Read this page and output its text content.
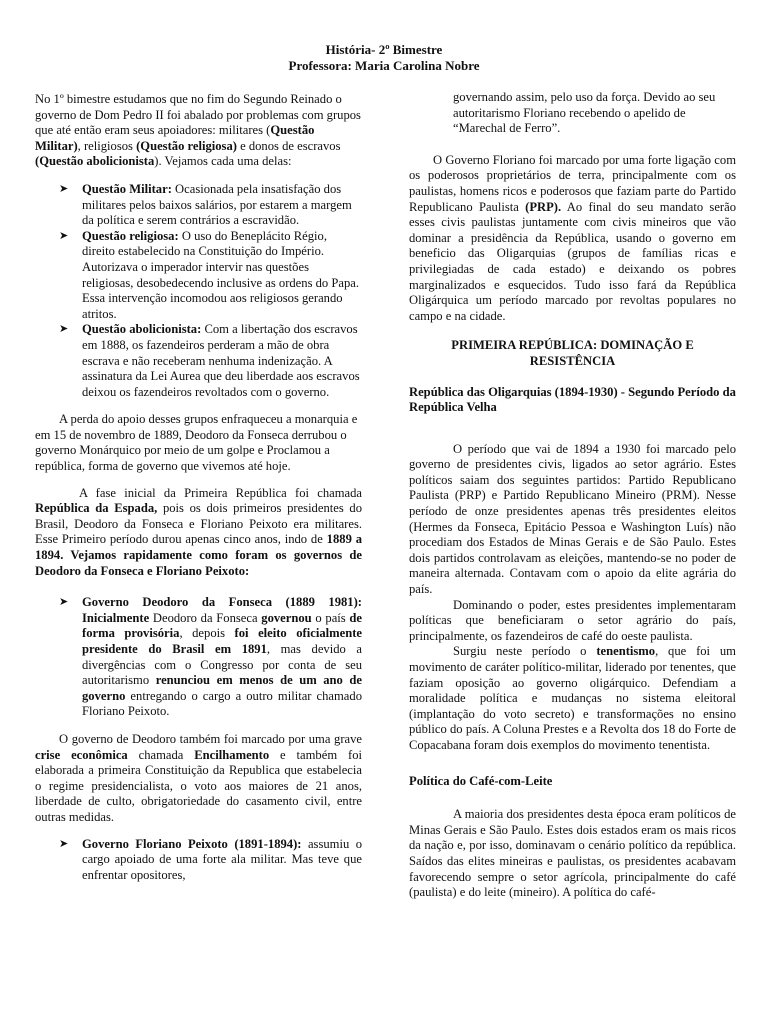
História- 2º Bimestre
Professora: Maria Carolina Nobre

No 1º bimestre estudamos que no fim do Segundo Reinado o governo de Dom Pedro II foi abalado por problemas com grupos que até então eram seus apoiadores: militares (Questão Militar), religiosos (Questão religiosa) e donos de escravos (Questão abolicionista). Vejamos cada uma delas:

➤ Questão Militar: Ocasionada pela insatisfação dos militares pelos baixos salários, por estarem a margem da política e serem contrários a escravidão.
➤ Questão religiosa: O uso do Beneplácito Régio, direito estabelecido na Constituição do Império. Autorizava o imperador intervir nas questões religiosas, desobedecendo inclusive as ordens do Papa. Essa intervenção incomodou aos religiosos gerando atritos.
➤ Questão abolicionista: Com a libertação dos escravos em 1888, os fazendeiros perderam a mão de obra escrava e não receberam nenhuma indenização. A assinatura da Lei Aurea que deu liberdade aos escravos deixou os fazendeiros revoltados com o governo.

A perda do apoio desses grupos enfraqueceu a monarquia e em 15 de novembro de 1889, Deodoro da Fonseca derrubou o governo Monárquico por meio de um golpe e Proclamou a república, forma de governo que vivemos até hoje.

A fase inicial da Primeira República foi chamada República da Espada, pois os dois primeiros presidentes do Brasil, Deodoro da Fonseca e Floriano Peixoto era militares. Esse Primeiro período durou apenas cinco anos, indo de 1889 a 1894. Vejamos rapidamente como foram os governos de Deodoro da Fonseca e Floriano Peixoto:

➤ Governo Deodoro da Fonseca (1889 1981): Inicialmente Deodoro da Fonseca governou o país de forma provisória, depois foi eleito oficialmente presidente do Brasil em 1891, mas devido a divergências com o Congresso por conta de seu autoritarismo renunciou em menos de um ano de governo entregando o cargo a outro militar chamado Floriano Peixoto.

O governo de Deodoro também foi marcado por uma grave crise econômica chamada Encilhamento e também foi elaborada a primeira Constituição da Republica que estabelecia o regime presidencialista, o voto aos maiores de 21 anos, liberdade de culto, obrigatoriedade do casamento civil, entre outras medidas.

➤ Governo Floriano Peixoto (1891-1894): assumiu o cargo apoiado de uma forte ala militar. Mas teve que enfrentar opositores,

governando assim, pelo uso da força. Devido ao seu autoritarismo Floriano recebendo o apelido de “Marechal de Ferro”.

O Governo Floriano foi marcado por uma forte ligação com os poderosos proprietários de terra, principalmente com os paulistas, homens ricos e poderosos que faziam parte do Partido Republicano Paulista (PRP). Ao final do seu mandato serão esses civis paulistas juntamente com civis mineiros que vão dominar a presidência da República, usando o governo em beneficio das Oligarquias (grupos de famílias ricas e privilegiadas de cada estado) e deixando os pobres marginalizados e esquecidos. Tudo isso fará da República Oligárquica um período marcado por revoltas populares no campo e na cidade.

PRIMEIRA REPÚBLICA: DOMINAÇÃO E RESISTÊNCIA
República das Oligarquias (1894-1930) - Segundo Período da República Velha

O período que vai de 1894 a 1930 foi marcado pelo governo de presidentes civis, ligados ao setor agrário. Estes políticos saiam dos seguintes partidos: Partido Republicano Paulista (PRP) e Partido Republicano Mineiro (PRM). Nesse período de onze presidentes apenas três presidentes eleitos (Hermes da Fonseca, Epitácio Pessoa e Washington Luís) não procediam dos Estados de Minas Gerais e de São Paulo. Estes dois partidos controlavam as eleições, mantendo-se no poder de maneira alternada. Contavam com o apoio da elite agrária do país.

Dominando o poder, estes presidentes implementaram políticas que beneficiaram o setor agrário do país, principalmente, os fazendeiros de café do oeste paulista.

Surgiu neste período o tenentismo, que foi um movimento de caráter político-militar, liderado por tenentes, que faziam oposição ao governo oligárquico. Defendiam a moralidade política e mudanças no sistema eleitoral (implantação do voto secreto) e transformações no ensino público do país. A Coluna Prestes e a Revolta dos 18 do Forte de Copacabana foram dois exemplos do movimento tenentista.

Política do Café-com-Leite

A maioria dos presidentes desta época eram políticos de Minas Gerais e São Paulo. Estes dois estados eram os mais ricos da nação e, por isso, dominavam o cenário político da república. Saídos das elites mineiras e paulistas, os presidentes acabavam favorecendo sempre o setor agrícola, principalmente do café (paulista) e do leite (mineiro). A política do café-
